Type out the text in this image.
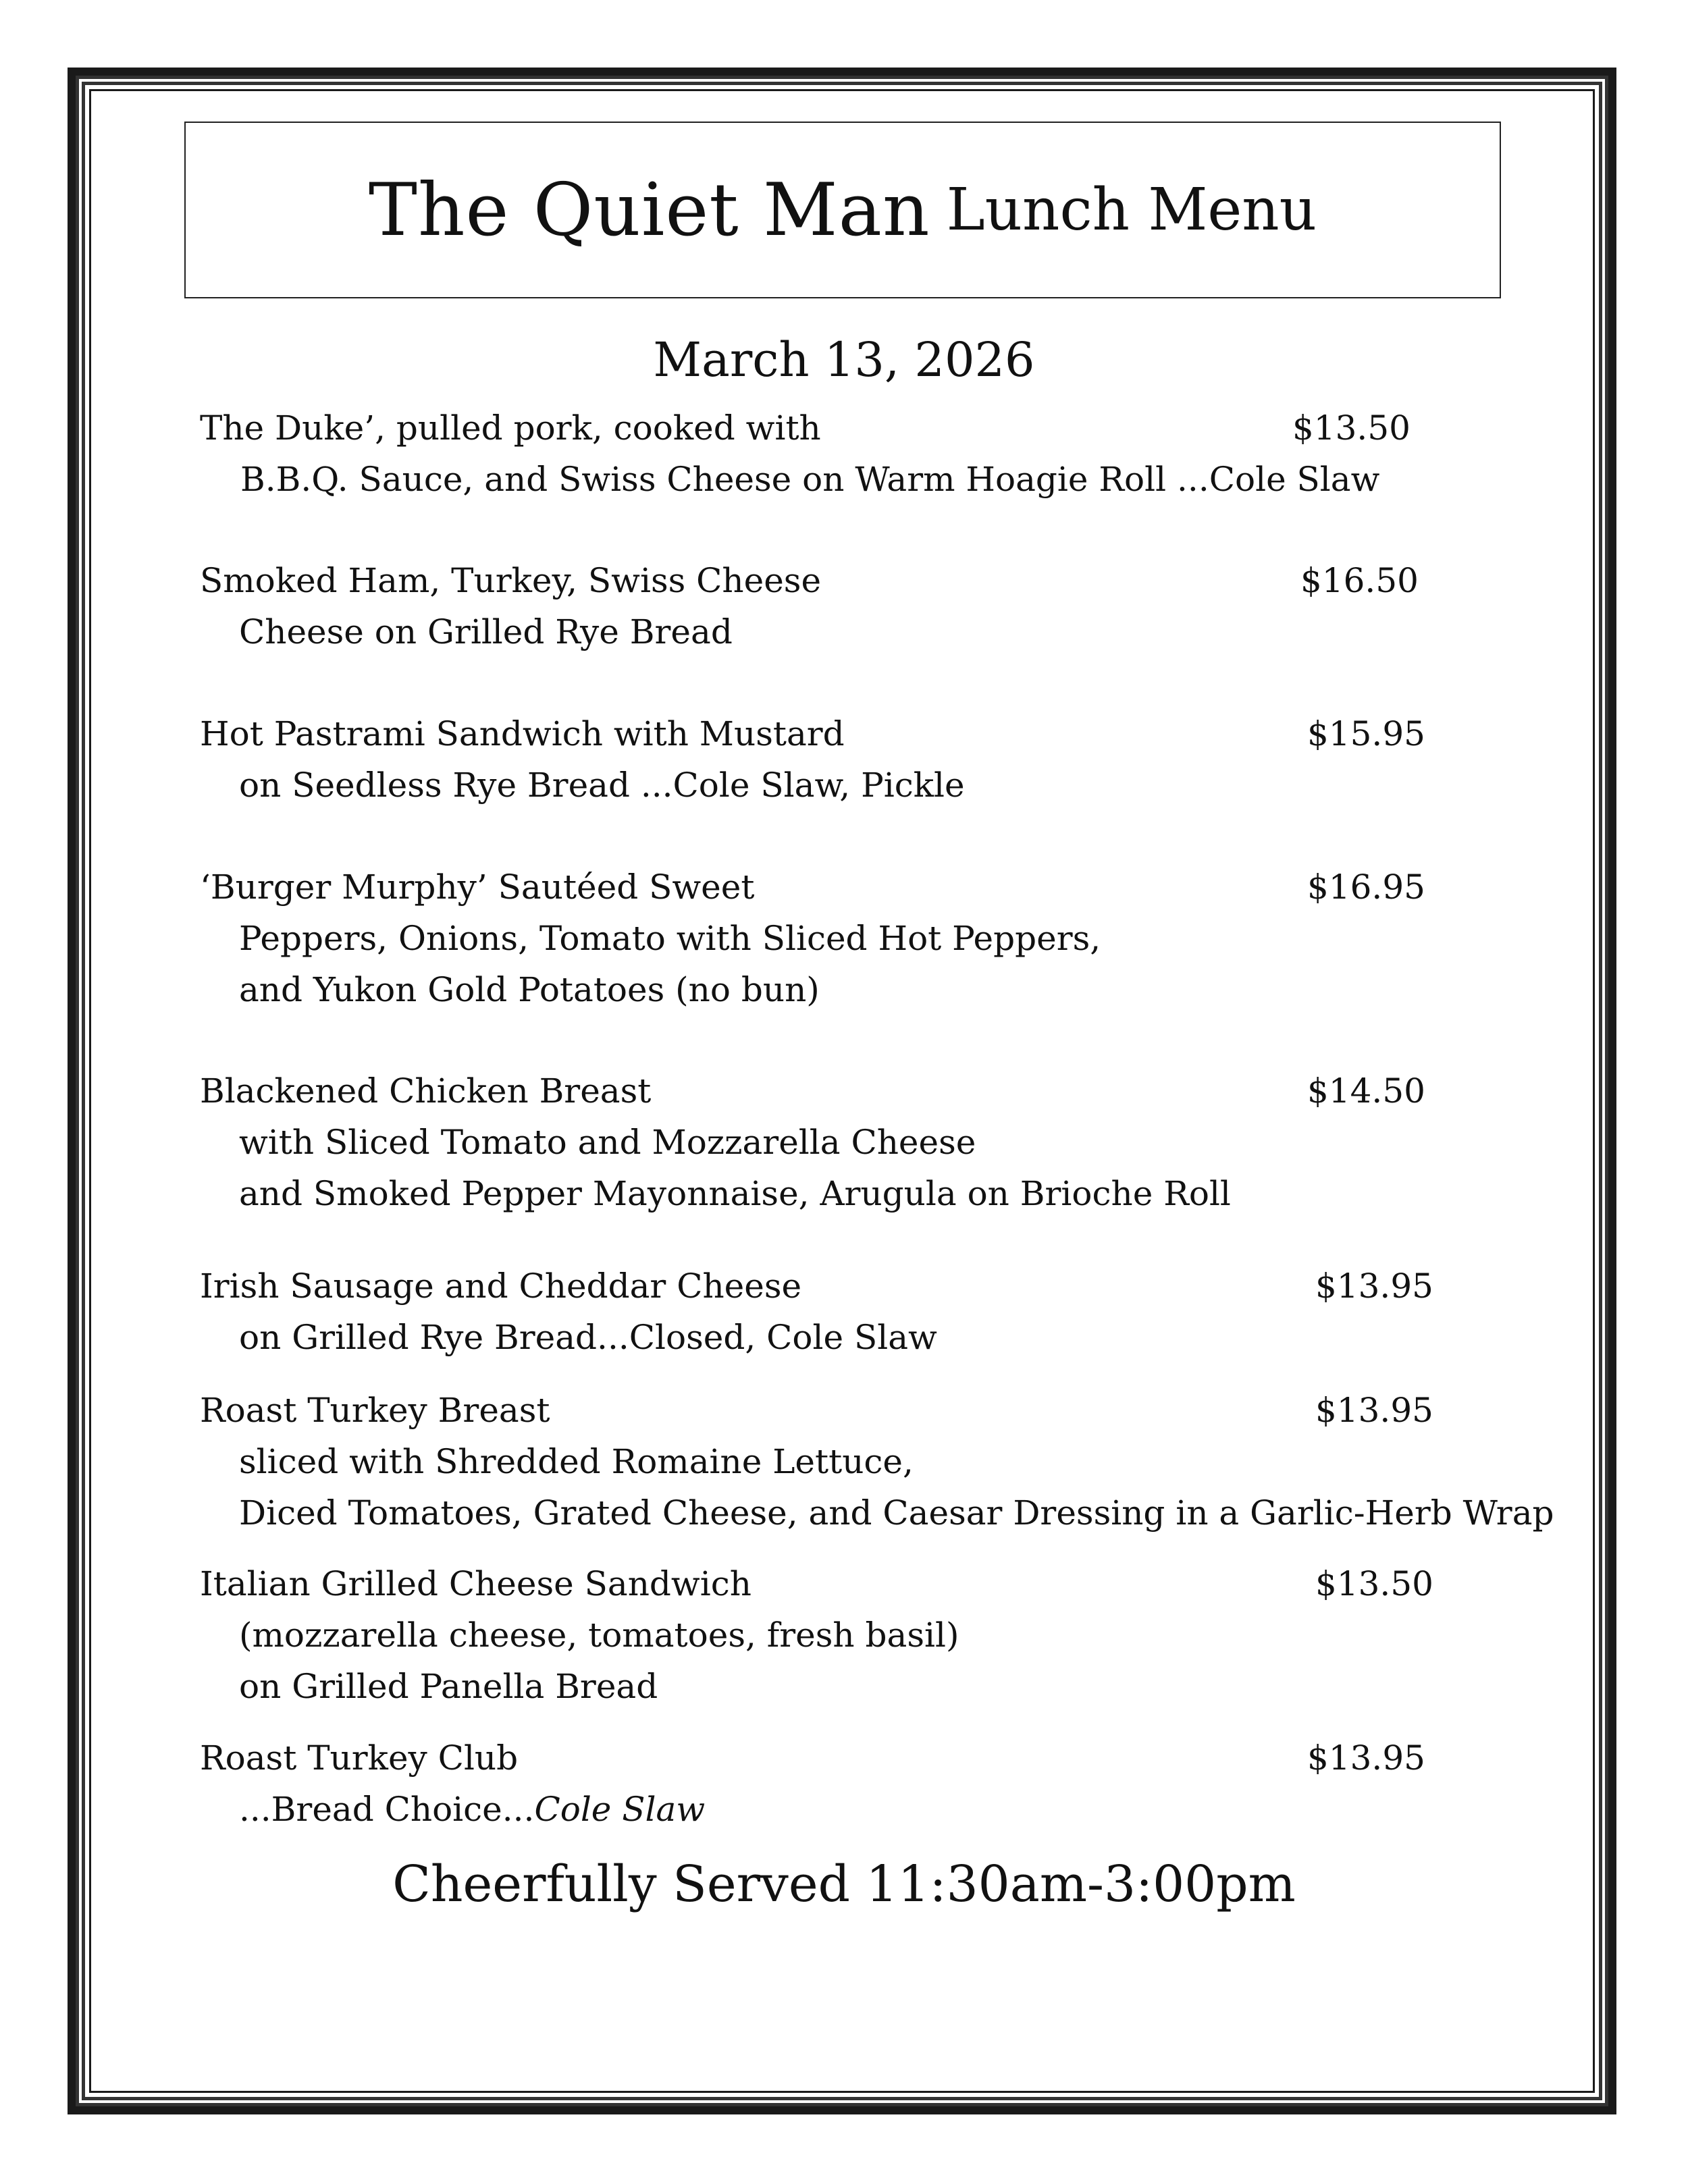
The Quiet Man Lunch Menu
March 13, 2026
The Duke’, pulled pork, cooked with	$13.50
B.B.Q. Sauce, and Swiss Cheese on Warm Hoagie Roll ...Cole Slaw
Smoked Ham, Turkey, Swiss Cheese	$16.50
Cheese on Grilled Rye Bread
Hot Pastrami Sandwich with Mustard	$15.95
on Seedless Rye Bread ...Cole Slaw, Pickle
‘Burger Murphy’ Sautéed Sweet	$16.95
Peppers, Onions, Tomato with Sliced Hot Peppers,
and Yukon Gold Potatoes (no bun)
Blackened Chicken Breast	$14.50
with Sliced Tomato and Mozzarella Cheese
and Smoked Pepper Mayonnaise, Arugula on Brioche Roll
Irish Sausage and Cheddar Cheese	$13.95
on Grilled Rye Bread...Closed, Cole Slaw
Roast Turkey Breast	$13.95
sliced with Shredded Romaine Lettuce,
Diced Tomatoes, Grated Cheese, and Caesar Dressing in a Garlic-Herb Wrap
Italian Grilled Cheese Sandwich	$13.50
(mozzarella cheese, tomatoes, fresh basil)
on Grilled Panella Bread
Roast Turkey Club	$13.95
...Bread Choice...Cole Slaw
Cheerfully Served 11:30am-3:00pm
